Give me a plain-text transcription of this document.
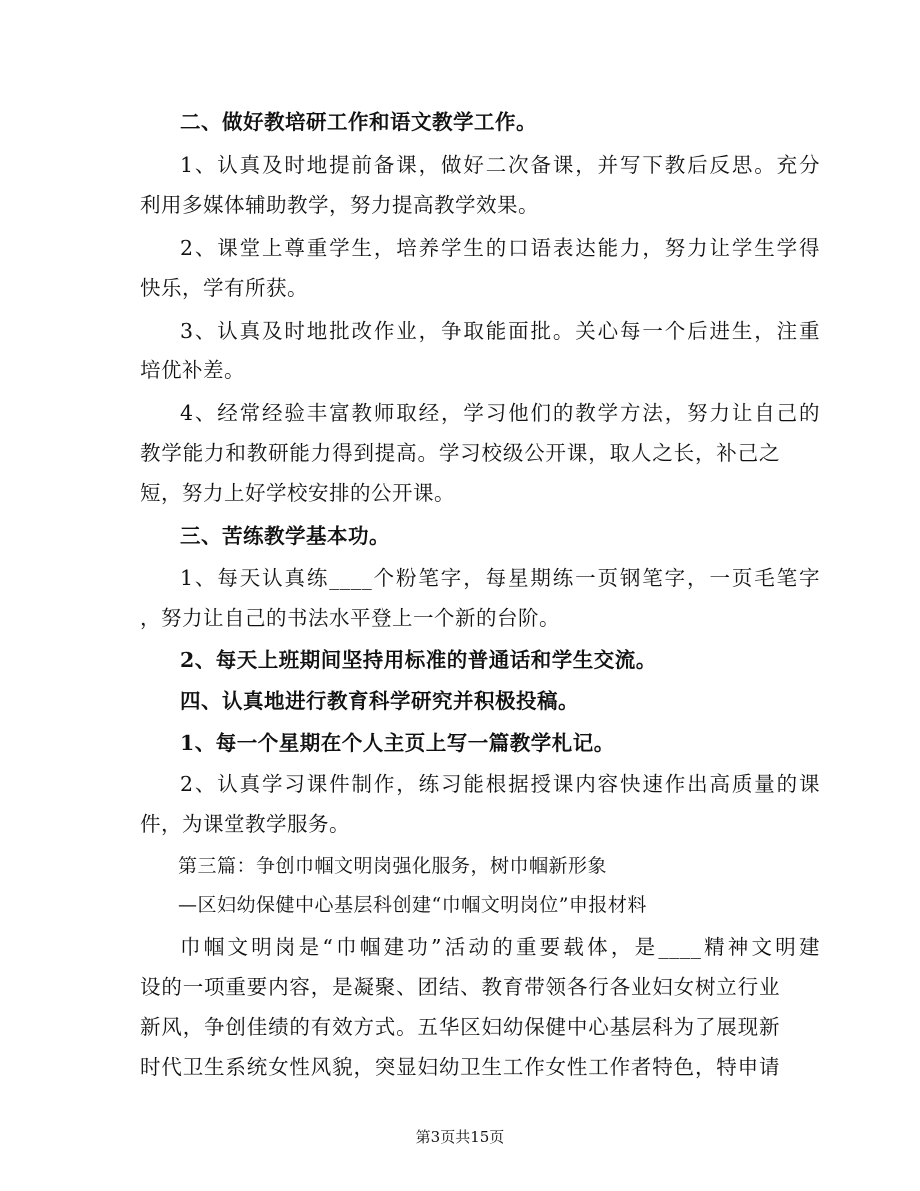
二、做好教培研工作和语文教学工作。
1、认真及时地提前备课，做好二次备课，并写下教后反思。充分
利用多媒体辅助教学，努力提高教学效果。
2、课堂上尊重学生，培养学生的口语表达能力，努力让学生学得
快乐，学有所获。
3、认真及时地批改作业，争取能面批。关心每一个后进生，注重
培优补差。
4、经常经验丰富教师取经，学习他们的教学方法，努力让自己的
教学能力和教研能力得到提高。学习校级公开课，取人之长，补己之
短，努力上好学校安排的公开课。
三、苦练教学基本功。
1、每天认真练____个粉笔字，每星期练一页钢笔字，一页毛笔字
，努力让自己的书法水平登上一个新的台阶。
2、每天上班期间坚持用标准的普通话和学生交流。
四、认真地进行教育科学研究并积极投稿。
1、每一个星期在个人主页上写一篇教学札记。
2、认真学习课件制作，练习能根据授课内容快速作出高质量的课
件，为课堂教学服务。
第三篇：争创巾帼文明岗强化服务，树巾帼新形象
—区妇幼保健中心基层科创建“巾帼文明岗位”申报材料
巾帼文明岗是“巾帼建功”活动的重要载体，是____精神文明建
设的一项重要内容，是凝聚、团结、教育带领各行各业妇女树立行业
新风，争创佳绩的有效方式。五华区妇幼保健中心基层科为了展现新
时代卫生系统女性风貌，突显妇幼卫生工作女性工作者特色，特申请
第3页共15页
